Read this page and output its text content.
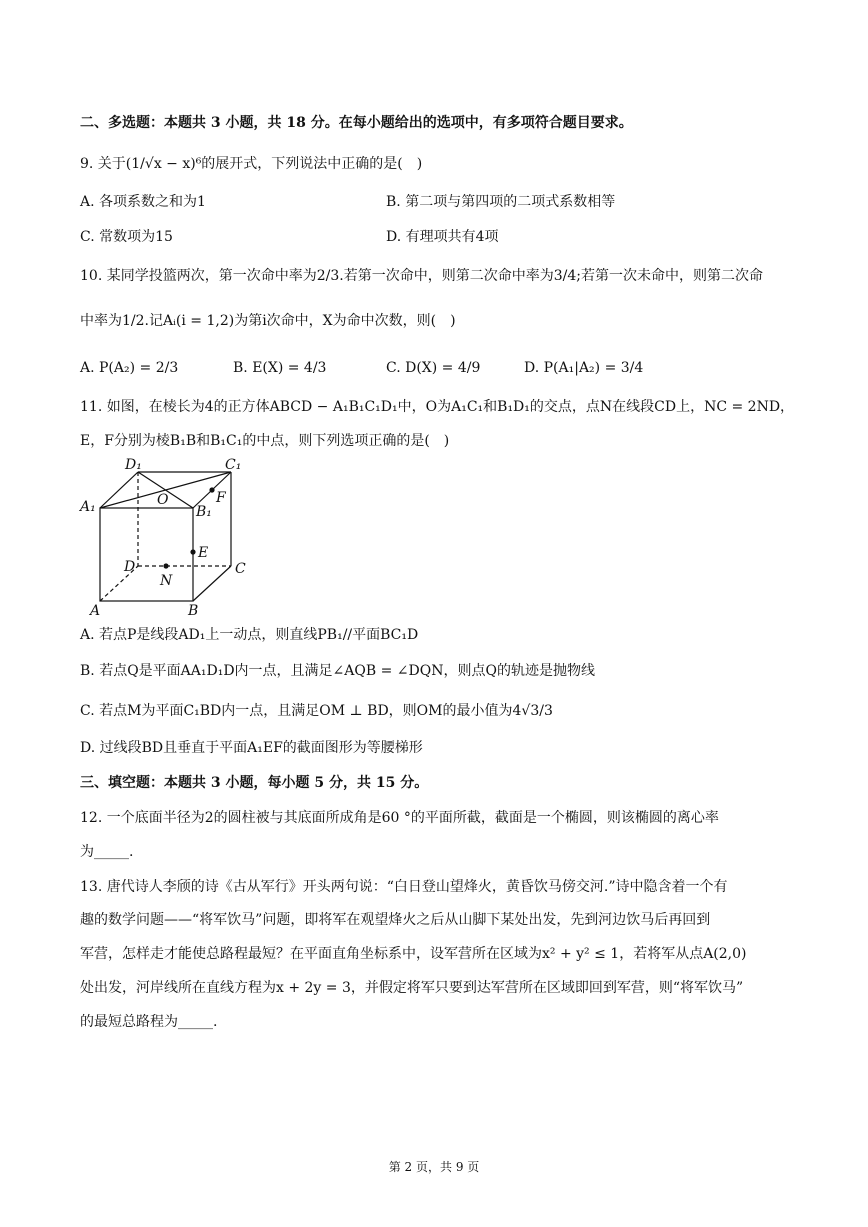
二、多选题：本题共 3 小题，共 18 分。在每小题给出的选项中，有多项符合题目要求。
9. 关于(1/√x − x)⁶的展开式，下列说法中正确的是(　)
A. 各项系数之和为1	B. 第二项与第四项的二项式系数相等
C. 常数项为15	D. 有理项共有4项
10. 某同学投篮两次，第一次命中率为2/3.若第一次命中，则第二次命中率为3/4;若第一次未命中，则第二次命
中率为1/2.记Aᵢ(i = 1,2)为第i次命中，X为命中次数，则(　)
A. P(A₂) = 2/3	B. E(X) = 4/3	C. D(X) = 4/9	D. P(A₁|A₂) = 3/4
11. 如图，在棱长为4的正方体ABCD − A₁B₁C₁D₁中，O为A₁C₁和B₁D₁的交点，点N在线段CD上，NC = 2ND，
E，F分别为棱B₁B和B₁C₁的中点，则下列选项正确的是(　)
D₁	C₁
A₁	O	F
B₁
E
D
N
C
A	B
A. 若点P是线段AD₁上一动点，则直线PB₁//平面BC₁D
B. 若点Q是平面AA₁D₁D内一点，且满足∠AQB = ∠DQN，则点Q的轨迹是抛物线
C. 若点M为平面C₁BD内一点，且满足OM ⊥ BD，则OM的最小值为4√3/3
D. 过线段BD且垂直于平面A₁EF的截面图形为等腰梯形
三、填空题：本题共 3 小题，每小题 5 分，共 15 分。
12. 一个底面半径为2的圆柱被与其底面所成角是60 °的平面所截，截面是一个椭圆，则该椭圆的离心率
为_____.
13. 唐代诗人李颀的诗《古从军行》开头两句说：“白日登山望烽火，黄昏饮马傍交河.”诗中隐含着一个有
趣的数学问题——“将军饮马”问题，即将军在观望烽火之后从山脚下某处出发，先到河边饮马后再回到
军营，怎样走才能使总路程最短？在平面直角坐标系中，设军营所在区域为x² + y² ≤ 1，若将军从点A(2,0)
处出发，河岸线所在直线方程为x + 2y = 3，并假定将军只要到达军营所在区域即回到军营，则“将军饮马”
的最短总路程为_____.
第 2 页，共 9 页
